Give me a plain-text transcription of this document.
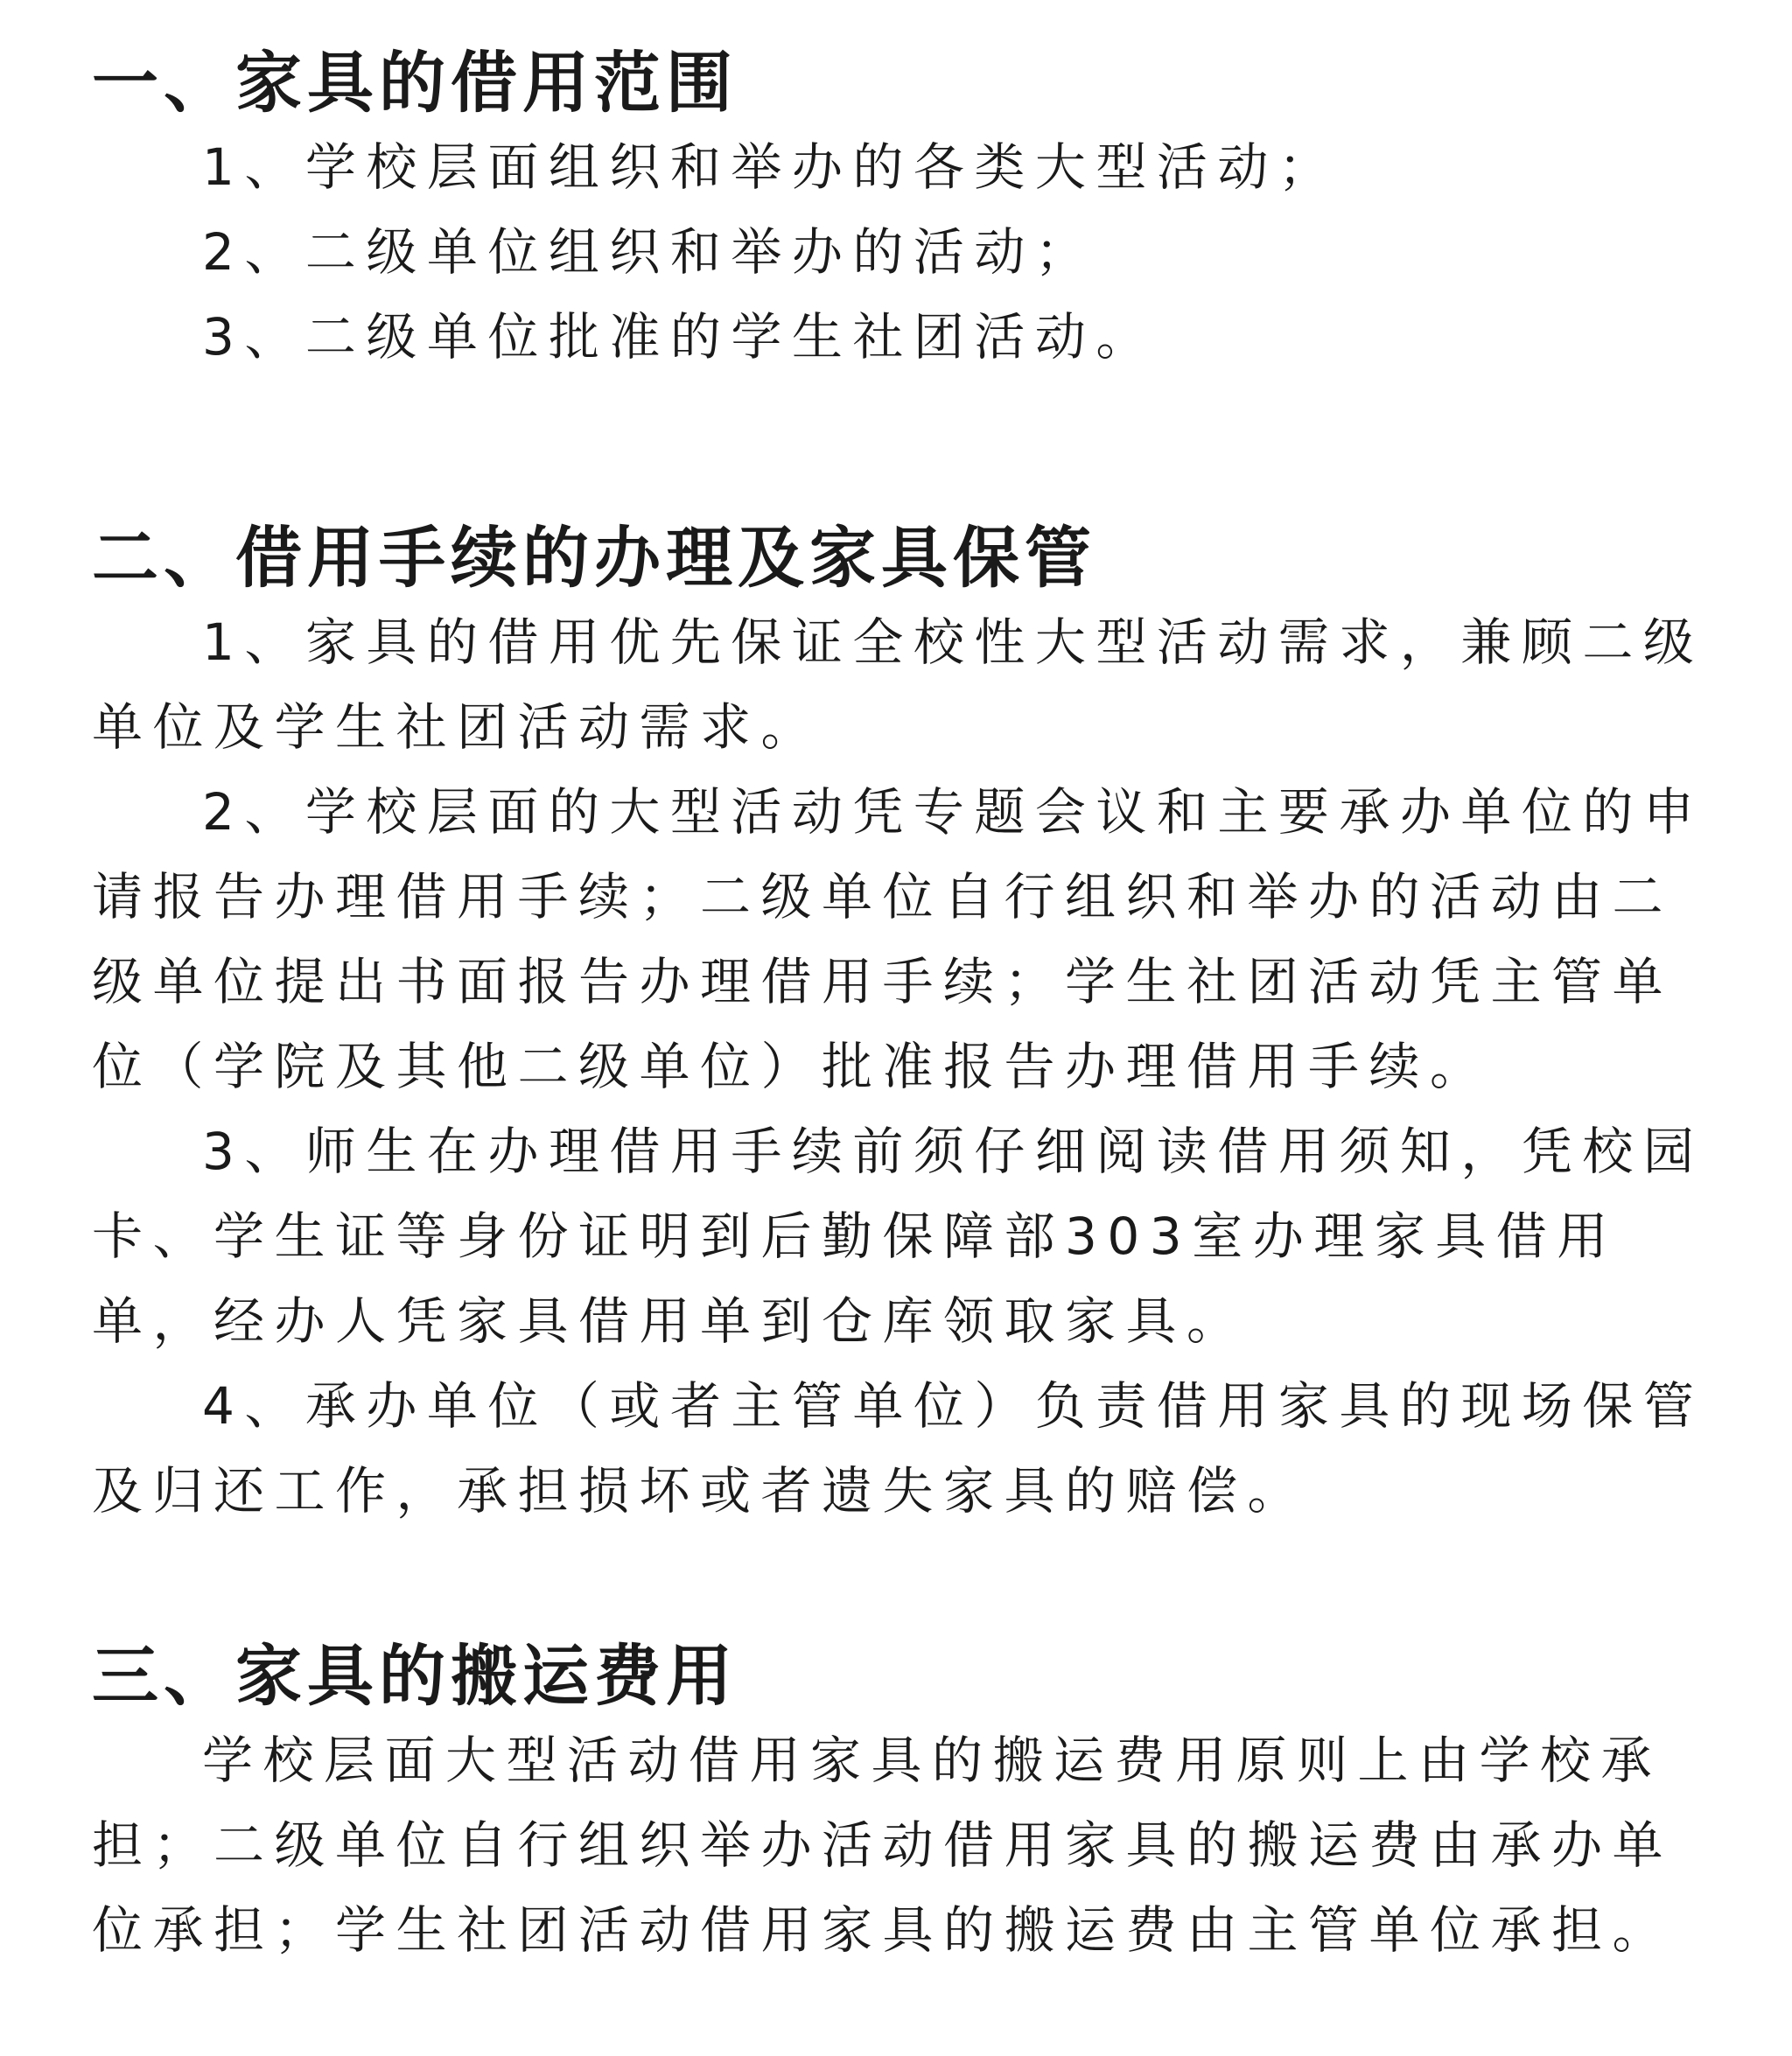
一、家具的借用范围

1、学校层面组织和举办的各类大型活动；

2、二级单位组织和举办的活动；

3、二级单位批准的学生社团活动。

二、借用手续的办理及家具保管

1、家具的借用优先保证全校性大型活动需求，兼顾二级单位及学生社团活动需求。

2、学校层面的大型活动凭专题会议和主要承办单位的申请报告办理借用手续；二级单位自行组织和举办的活动由二级单位提出书面报告办理借用手续；学生社团活动凭主管单位（学院及其他二级单位）批准报告办理借用手续。

3、师生在办理借用手续前须仔细阅读借用须知，凭校园卡、学生证等身份证明到后勤保障部303室办理家具借用单，经办人凭家具借用单到仓库领取家具。

4、承办单位（或者主管单位）负责借用家具的现场保管及归还工作，承担损坏或者遗失家具的赔偿。

三、家具的搬运费用

学校层面大型活动借用家具的搬运费用原则上由学校承担；二级单位自行组织举办活动借用家具的搬运费由承办单位承担；学生社团活动借用家具的搬运费由主管单位承担。
